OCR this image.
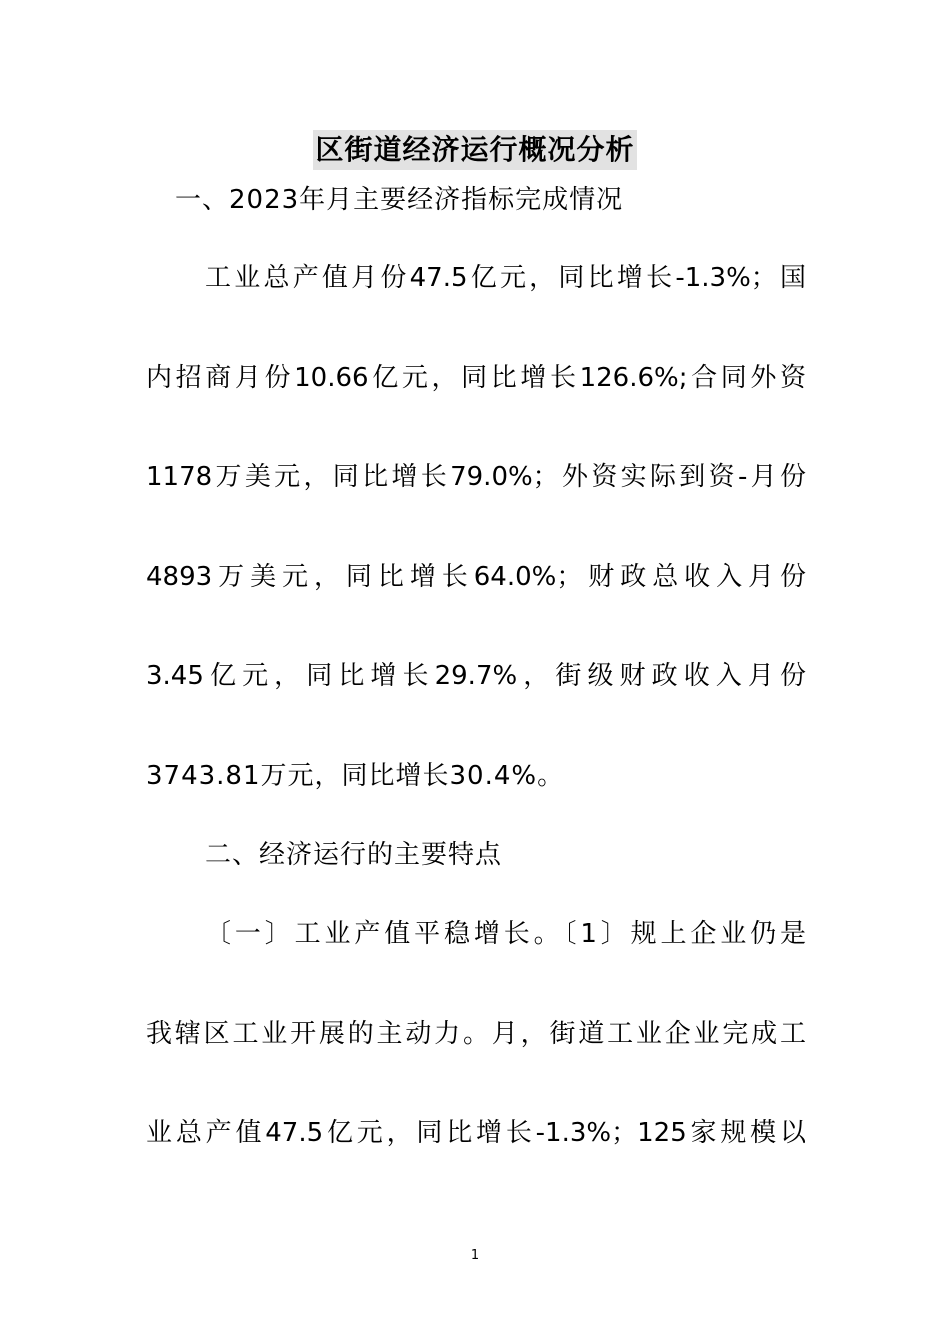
区街道经济运行概况分析
一、2023年月主要经济指标完成情况
工业总产值月份47.5亿元，同比增长-1.3%；国
内招商月份10.66亿元，同比增长126.6%;合同外资
1178万美元，同比增长79.0%；外资实际到资-月份
4893万美元，同比增长64.0%；财政总收入月份
3.45亿元，同比增长29.7%，街级财政收入月份
3743.81万元，同比增长30.4%。
二、经济运行的主要特点
〔一〕工业产值平稳增长。〔1〕规上企业仍是
我辖区工业开展的主动力。月，街道工业企业完成工
业总产值47.5亿元，同比增长-1.3%；125家规模以
1
